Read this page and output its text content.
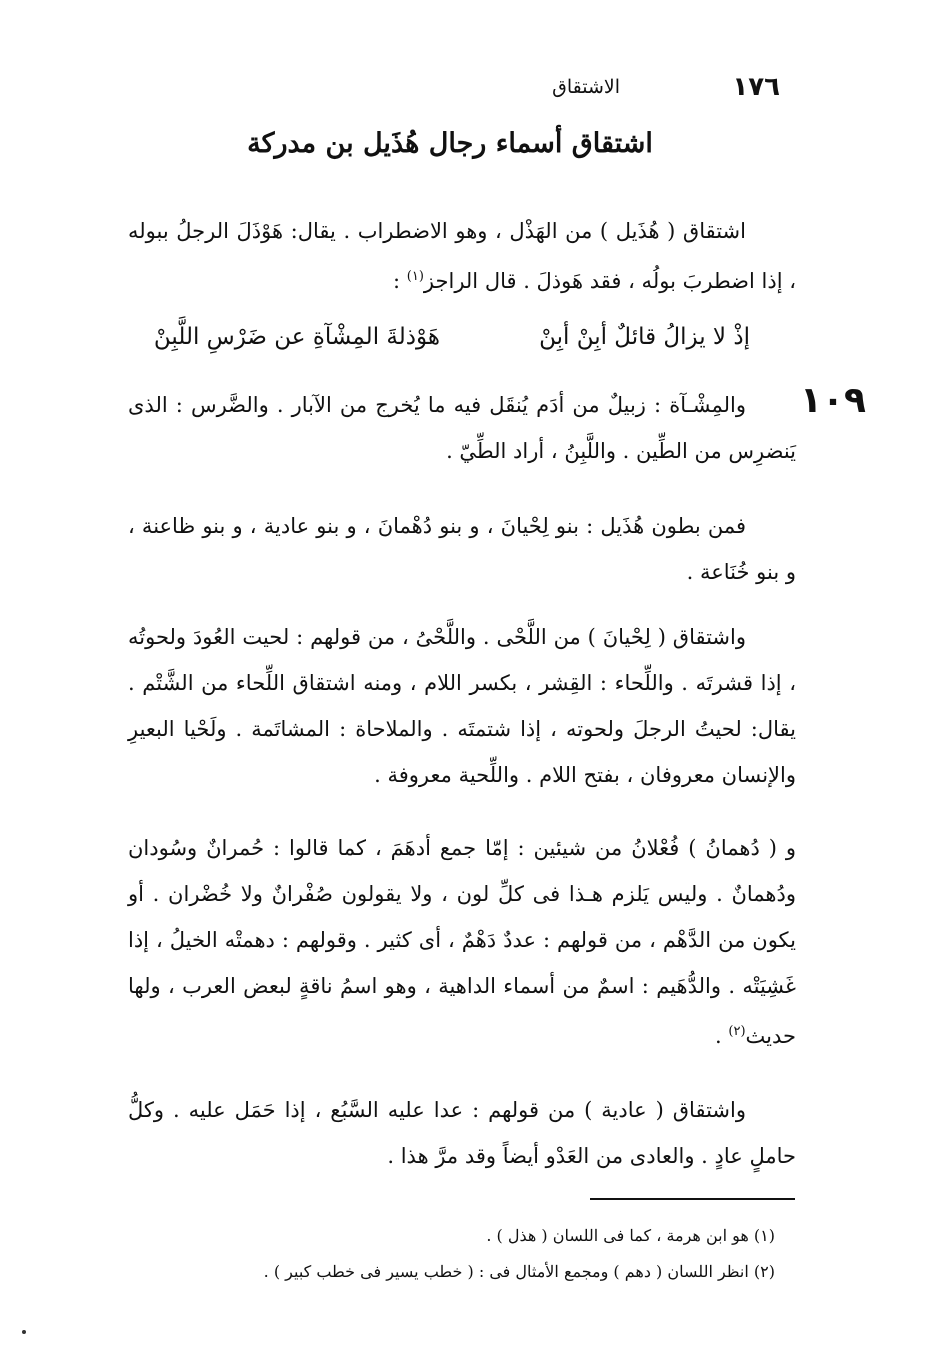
١٧٦
الاشتقاق
اشتقاق أسماء رجال هُذَيل بن مدركة
اشتقاق ( هُذَيل ) من الهَذْل ، وهو الاضطراب . يقال: هَوْذَلَ الرجلُ ببوله ، إذا اضطربَ بولُه ، فقد هَوذلَ . قال الراجز$^{(١)}$ :
إذْ لا يزالُ قائلٌ أبِنْ أبِنْ
هَوْذلةَ المِشْآةِ عن ضَرْسِ اللَّبِنْ
١٠٩
والمِشْـآة : زبيلٌ من أدَم يُنقَل فيه ما يُخرج من الآبار . والضَّرس : الذى يَنضرِس من الطِّين . واللَّبِنُ ، أراد الطِّيّ .
فمن بطون هُذَيل : بنو لِحْيانَ ، و بنو دُهْمانَ ، و بنو عادية ، و بنو ظاعنة ، و بنو خُنَاعة .
واشتقاق ( لِحْيانَ ) من اللَّحْى . واللَّحْىُ ، من قولهم : لحيت العُودَ ولحوتُه ، إذا قشرتَه . واللِّحاء : القِشر ، بكسر اللام ، ومنه اشتقاق اللِّحاء من الشَّتْم . يقال: لحيتُ الرجلَ ولحوته ، إذا شتمتَه . والملاحاة : المشاتَمة . ولَحْيا البعيرِ والإنسان معروفان ، بفتح اللام . واللِّحية معروفة .
و ( دُهمانُ ) فُعْلانُ من شيئين : إمّا جمع أدهَمَ ، كما قالوا : حُمرانٌ وسُودان ودُهمانٌ . وليس يَلزم هـذا فى كلِّ لون ، ولا يقولون صُفْرانٌ ولا خُضْران . أو يكون من الدَّهْم ، من قولهم : عددٌ دَهْمٌ ، أى كثير . وقولهم : دهمتْه الخيلُ ، إذا غَشِيَتْه . والدُّهَيم : اسمٌ من أسماء الداهية ، وهو اسمُ ناقةٍ لبعض العرب ، ولها حديث$^{(٢)}$ .
واشتقاق ( عادية ) من قولهم : عدا عليه السَّبُع ، إذا حَمَل عليه . وكلُّ حاملٍ عادٍ . والعادى من العَدْو أيضاً وقد مرَّ هذا .
(١) هو ابن هرمة ، كما فى اللسان ( هذل ) .
(٢) انظر اللسان ( دهم ) ومجمع الأمثال فى : ( خطب يسير فى خطب كبير ) .
